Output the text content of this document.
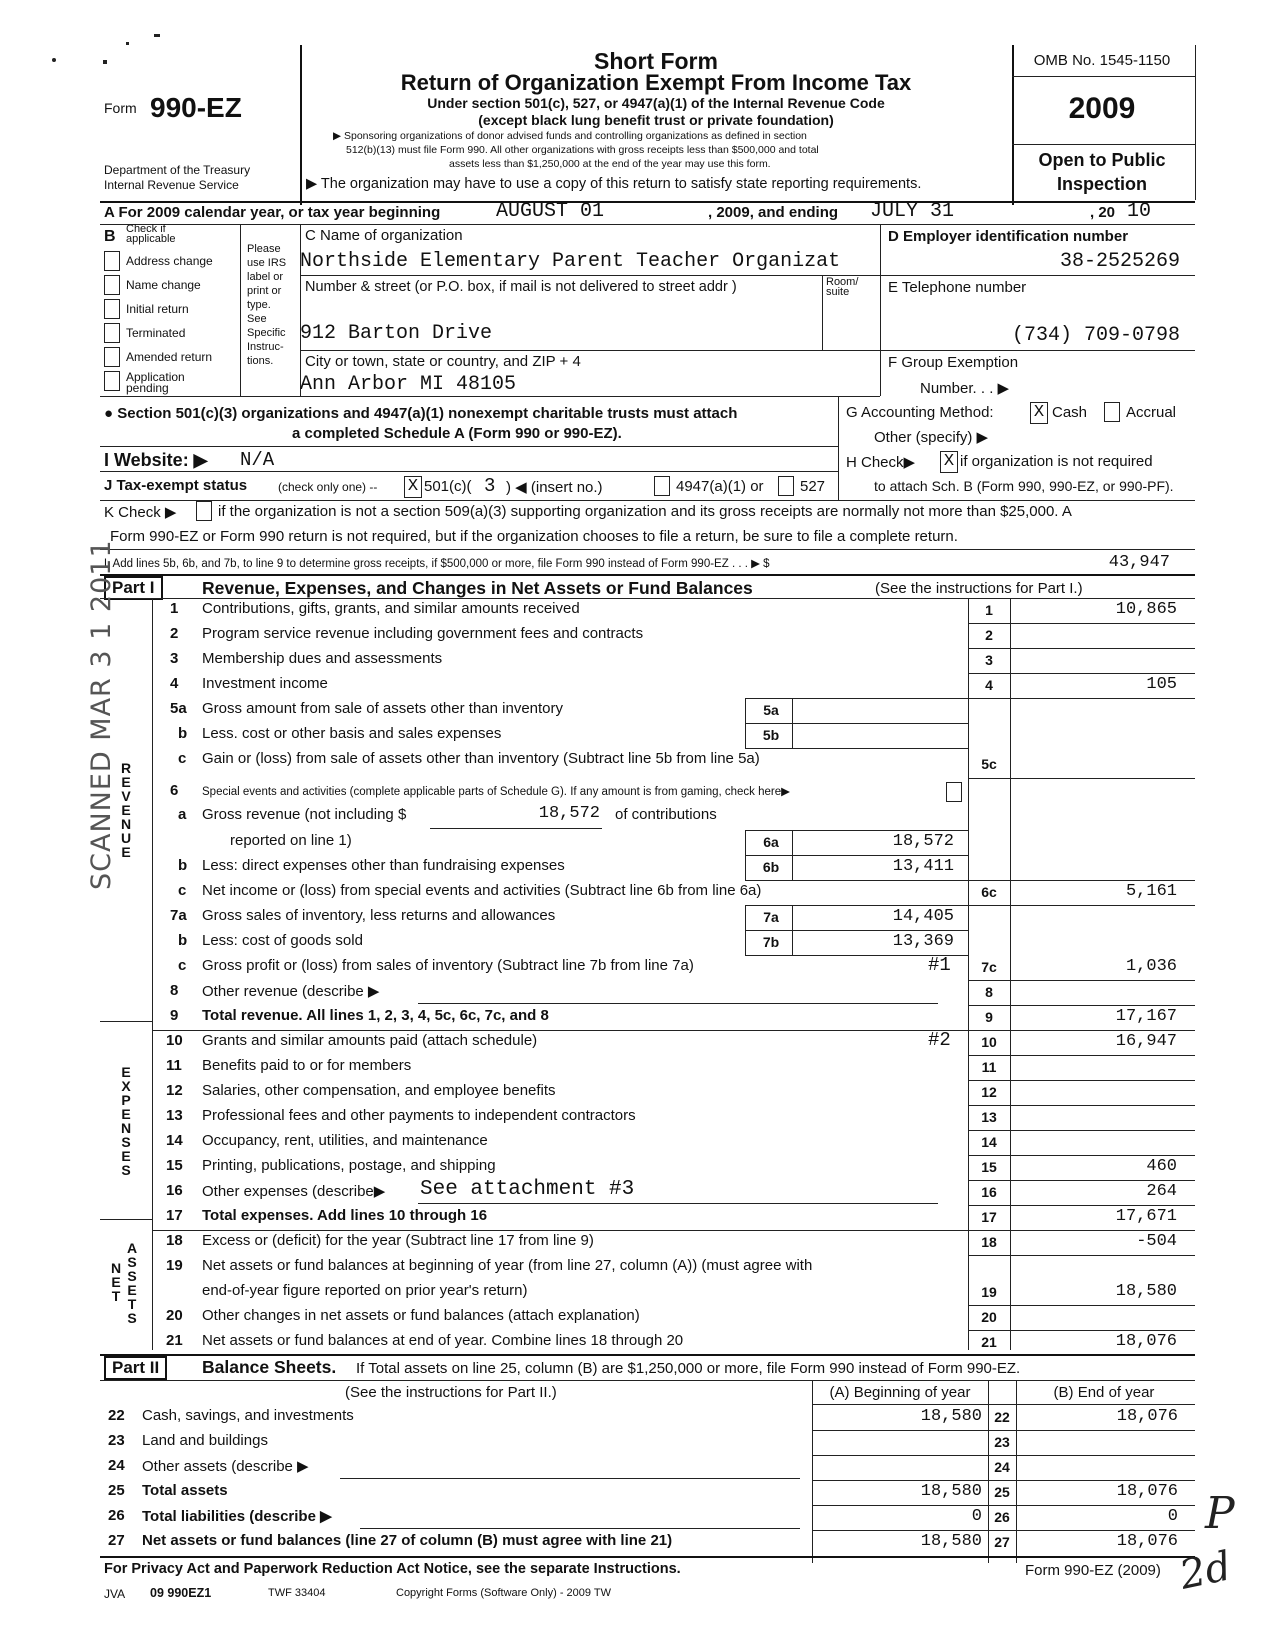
Form 990-EZ
Department of the Treasury
Internal Revenue Service
Short Form
Return of Organization Exempt From Income Tax
Under section 501(c), 527, or 4947(a)(1) of the Internal Revenue Code
(except black lung benefit trust or private foundation)
▶ Sponsoring organizations of donor advised funds and controlling organizations as defined in section
512(b)(13) must file Form 990. All other organizations with gross receipts less than $500,000 and total
assets less than $1,250,000 at the end of the year may use this form.
▶ The organization may have to use a copy of this return to satisfy state reporting requirements.
OMB No. 1545-1150
2009
Open to Public
Inspection
A For 2009 calendar year, or tax year beginning	AUGUST 01	, 2009, and ending JULY 31	, 20 10
B Check if
applicable
Address change
Name change
Initial return
Terminated
Amended return
Application pending
Please
use IRS
label or
print or
type.
See
Specific
Instruc-
tions.
C Name of organization
Northside Elementary Parent Teacher Organizat
Number & street (or P.O. box, if mail is not delivered to street addr )	Room/
suite
912 Barton Drive
City or town, state or country, and ZIP + 4
Ann Arbor MI 48105
D Employer identification number
38-2525269
E Telephone number
(734) 709-0798
F Group Exemption
Number. . . ▶
● Section 501(c)(3) organizations and 4947(a)(1) nonexempt charitable trusts must attach
a completed Schedule A (Form 990 or 990-EZ).
G Accounting Method: X Cash	Accrual
Other (specify) ▶
I Website: ▶ N/A	H Check▶ X if organization is not required
to attach Sch. B (Form 990, 990-EZ, or 990-PF).
J Tax-exempt status	(check only one) -- X 501(c)( 3 ) ◀ (insert no.)	4947(a)(1) or 527
K Check ▶	if the organization is not a section 509(a)(3) supporting organization and its gross receipts are normally not more than $25,000. A
Form 990-EZ or Form 990 return is not required, but if the organization chooses to file a return, be sure to file a complete return.
L Add lines 5b, 6b, and 7b, to line 9 to determine gross receipts, if $500,000 or more, file Form 990 instead of Form 990-EZ . . . ▶ $	43,947
Part I	Revenue, Expenses, and Changes in Net Assets or Fund Balances	(See the instructions for Part I.)
REVENUE
EXPENSES
NET ASSETS
1 Contributions, gifts, grants, and similar amounts received	1	10,865
2 Program service revenue including government fees and contracts	2
3 Membership dues and assessments	3
4 Investment income	4	105
5a Gross amount from sale of assets other than inventory	5a
b Less. cost or other basis and sales expenses	5b
c Gain or (loss) from sale of assets other than inventory (Subtract line 5b from line 5a)	5c
6 Special events and activities (complete applicable parts of Schedule G). If any amount is from gaming, check here▶
a Gross revenue (not including $	18,572 of contributions
reported on line 1)	6a	18,572
b Less: direct expenses other than fundraising expenses	6b	13,411
c Net income or (loss) from special events and activities (Subtract line 6b from line 6a)	6c	5,161
7a Gross sales of inventory, less returns and allowances	7a	14,405
b Less: cost of goods sold	7b	13,369
c Gross profit or (loss) from sales of inventory (Subtract line 7b from line 7a)	#1	7c	1,036
8 Other revenue (describe ▶	8
9 Total revenue. All lines 1, 2, 3, 4, 5c, 6c, 7c, and 8	9	17,167
10 Grants and similar amounts paid (attach schedule)	#2	10	16,947
11 Benefits paid to or for members	11
12 Salaries, other compensation, and employee benefits	12
13 Professional fees and other payments to independent contractors	13
14 Occupancy, rent, utilities, and maintenance	14
15 Printing, publications, postage, and shipping	15	460
16 Other expenses (describe▶ See attachment #3	16	264
17 Total expenses. Add lines 10 through 16	17	17,671
18 Excess or (deficit) for the year (Subtract line 17 from line 9)	18	-504
19 Net assets or fund balances at beginning of year (from line 27, column (A)) (must agree with
end-of-year figure reported on prior year's return)	19	18,580
20 Other changes in net assets or fund balances (attach explanation)	20
21 Net assets or fund balances at end of year. Combine lines 18 through 20	21	18,076
Part II	Balance Sheets. If Total assets on line 25, column (B) are $1,250,000 or more, file Form 990 instead of Form 990-EZ.
(See the instructions for Part II.)	(A) Beginning of year	(B) End of year
22 Cash, savings, and investments	18,580 22	18,076
23 Land and buildings	23
24 Other assets (describe ▶	24
25 Total assets	18,580 25	18,076
26 Total liabilities (describe ▶	0 26	0
27 Net assets or fund balances (line 27 of column (B) must agree with line 21)	18,580 27	18,076
For Privacy Act and Paperwork Reduction Act Notice, see the separate Instructions.	Form 990-EZ (2009)
JVA 09 990EZ1	TWF 33404	Copyright Forms (Software Only) - 2009 TW
SCANNED MAR 3 1 2011
P
2d
